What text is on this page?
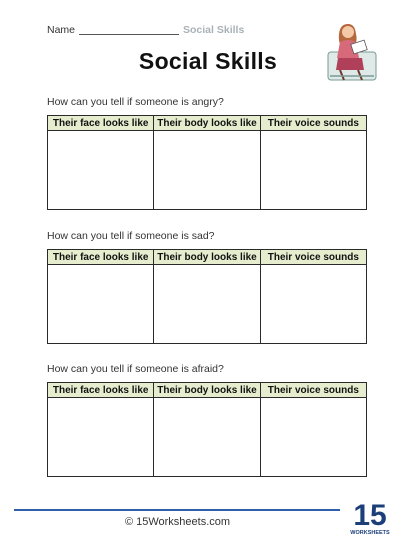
Name	Social Skills
Social Skills
How can you tell if someone is angry?
Their face looks like	Their body looks like	Their voice sounds

How can you tell if someone is sad?
Their face looks like	Their body looks like	Their voice sounds

How can you tell if someone is afraid?
Their face looks like	Their body looks like	Their voice sounds

© 15Worksheets.com	15
WORKSHEETS
